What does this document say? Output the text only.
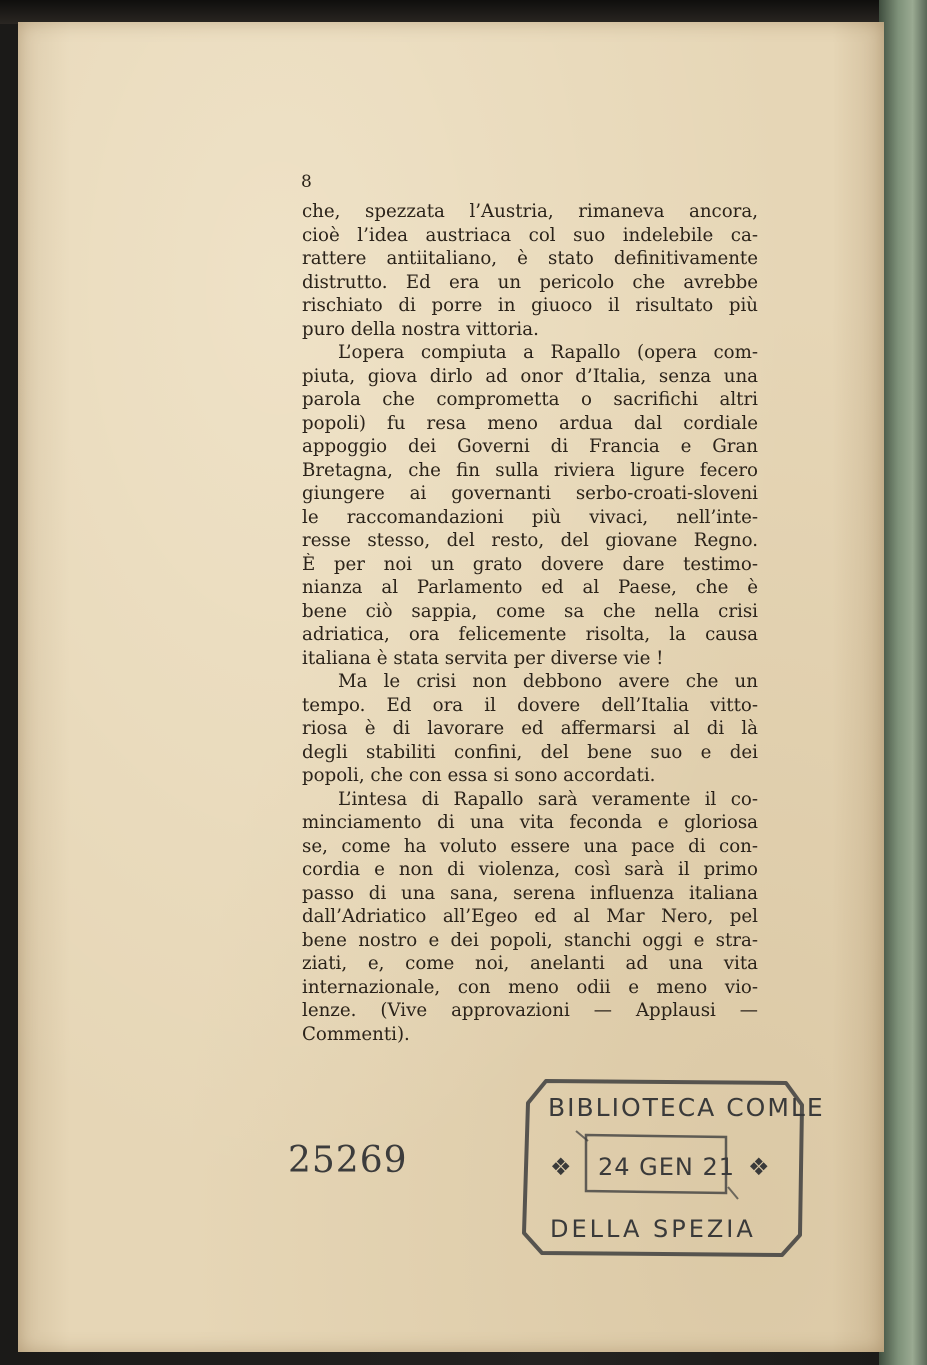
8
che, spezzata l’Austria, rimaneva ancora,
cioè l’idea austriaca col suo indelebile ca-
rattere antiitaliano, è stato definitivamente
distrutto. Ed era un pericolo che avrebbe
rischiato di porre in giuoco il risultato più
puro della nostra vittoria.
L’opera compiuta a Rapallo (opera com-
piuta, giova dirlo ad onor d’Italia, senza una
parola che comprometta o sacrifichi altri
popoli) fu resa meno ardua dal cordiale
appoggio dei Governi di Francia e Gran
Bretagna, che fin sulla riviera ligure fecero
giungere ai governanti serbo-croati-sloveni
le raccomandazioni più vivaci, nell’inte-
resse stesso, del resto, del giovane Regno.
È per noi un grato dovere dare testimo-
nianza al Parlamento ed al Paese, che è
bene ciò sappia, come sa che nella crisi
adriatica, ora felicemente risolta, la causa
italiana è stata servita per diverse vie !
Ma le crisi non debbono avere che un
tempo. Ed ora il dovere dell’Italia vitto-
riosa è di lavorare ed affermarsi al di là
degli stabiliti confini, del bene suo e dei
popoli, che con essa si sono accordati.
L’intesa di Rapallo sarà veramente il co-
minciamento di una vita feconda e gloriosa
se, come ha voluto essere una pace di con-
cordia e non di violenza, così sarà il primo
passo di una sana, serena influenza italiana
dall’Adriatico all’Egeo ed al Mar Nero, pel
bene nostro e dei popoli, stanchi oggi e stra-
ziati, e, come noi, anelanti ad una vita
internazionale, con meno odii e meno vio-
lenze. (Vive approvazioni — Applausi —
Commenti).
25269
BIBLIOTECA COMLE
❖ 24 GEN 21 ❖
DELLA SPEZIA
